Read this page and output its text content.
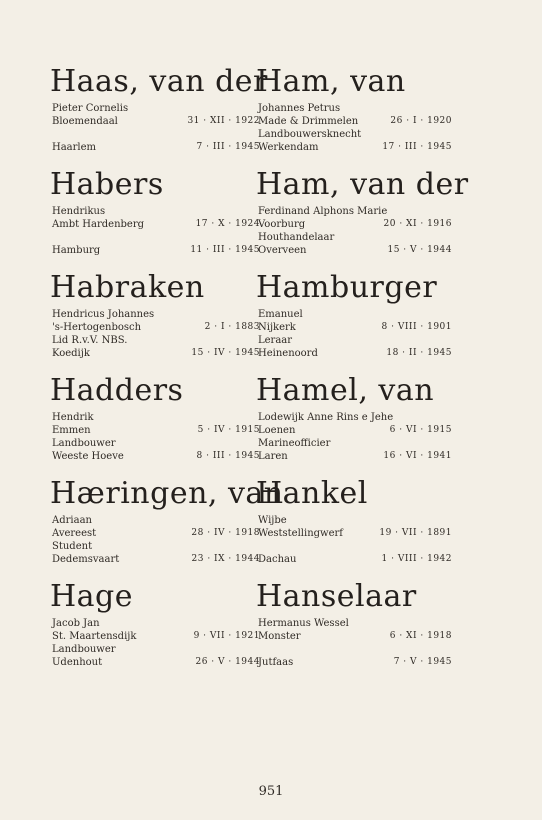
Haas, van der
Pieter Cornelis
Bloemendaal	31 · XII · 1922
Haarlem	7 · III · 1945
Habers
Hendrikus
Ambt Hardenberg	17 · X · 1924
Hamburg	11 · III · 1945
Habraken
Hendricus Johannes
's-Hertogenbosch	2 · I · 1883
Lid R.v.V. NBS.
Koedijk	15 · IV · 1945
Hadders
Hendrik
Emmen	5 · IV · 1915
Landbouwer
Weeste Hoeve	8 · III · 1945
Hæringen, van
Adriaan
Avereest	28 · IV · 1918
Student
Dedemsvaart	23 · IX · 1944
Hage
Jacob Jan
St. Maartensdijk	9 · VII · 1921
Landbouwer
Udenhout	26 · V · 1944
Ham, van
Johannes Petrus
Made & Drimmelen	26 · I · 1920
Landbouwersknecht
Werkendam	17 · III · 1945
Ham, van der
Ferdinand Alphons Marie
Voorburg	20 · XI · 1916
Houthandelaar
Overveen	15 · V · 1944
Hamburger
Emanuel
Nijkerk	8 · VIII · 1901
Leraar
Heinenoord	18 · II · 1945
Hamel, van
Lodewijk Anne Rins e Jehe
Loenen	6 · VI · 1915
Marineofficier
Laren	16 · VI · 1941
Hankel
Wijbe
Weststellingwerf	19 · VII · 1891
Dachau	1 · VIII · 1942
Hanselaar
Hermanus Wessel
Monster	6 · XI · 1918
Jutfaas	7 · V · 1945
951
